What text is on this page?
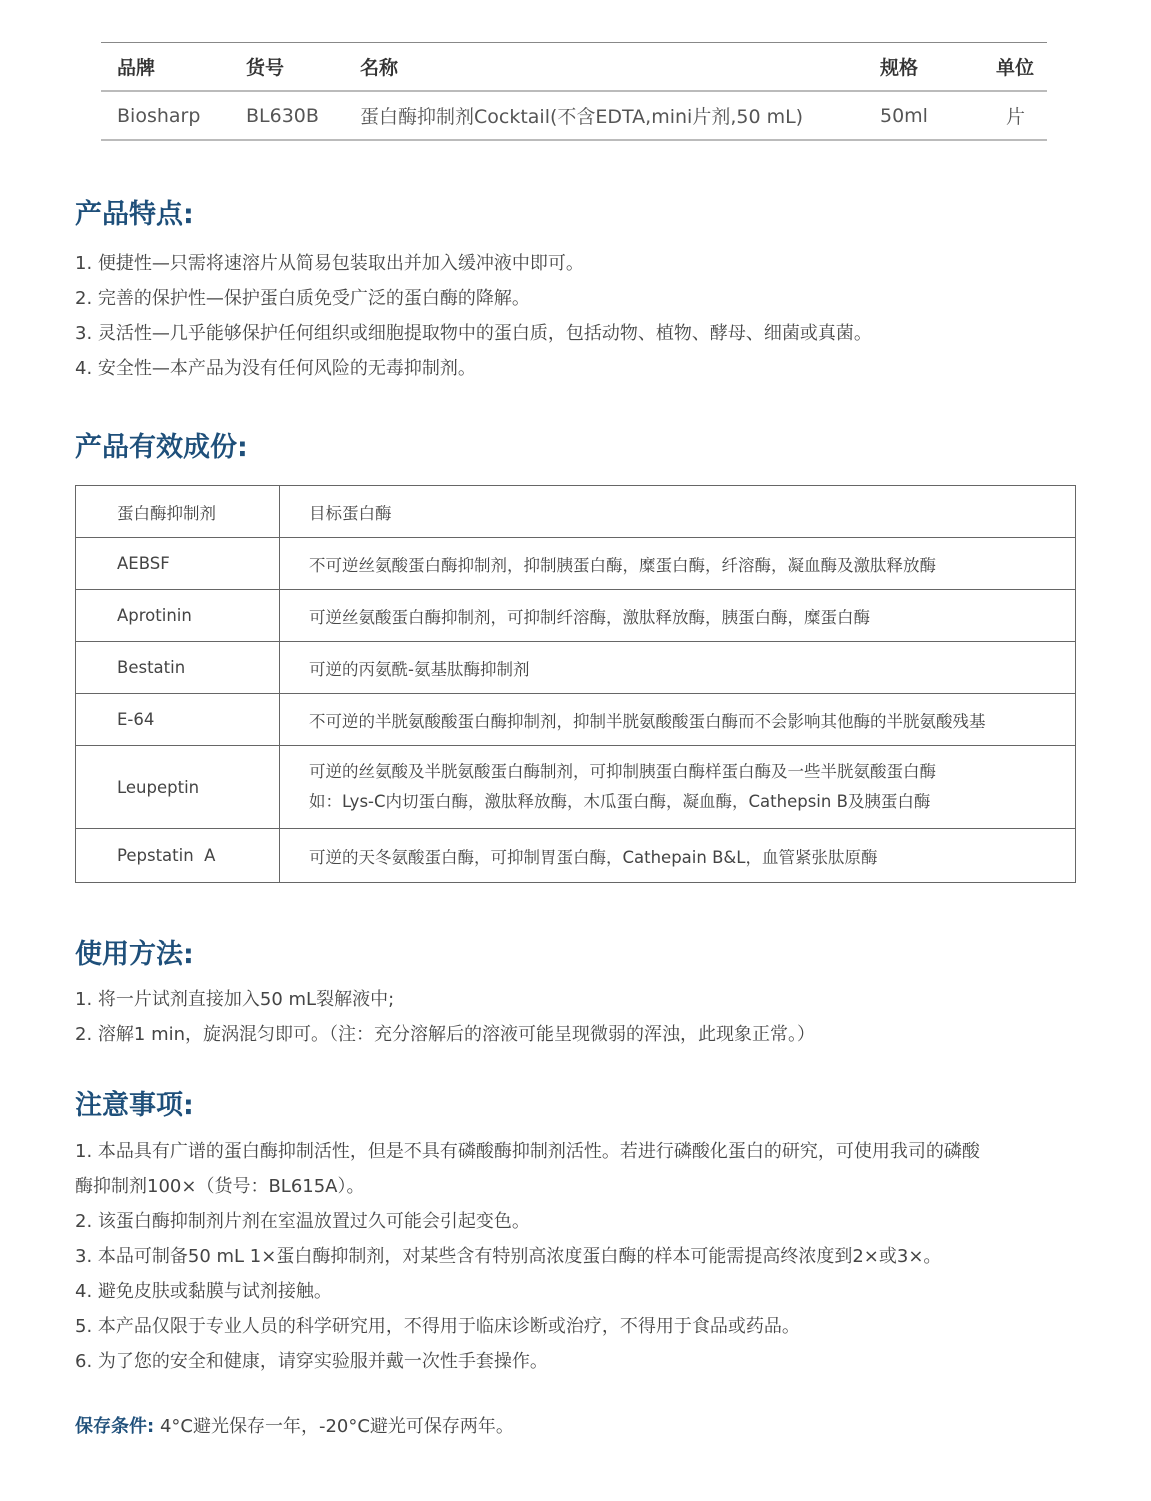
品牌	货号	名称	规格	单位
Biosharp	BL630B	蛋白酶抑制剂Cocktail(不含EDTA,mini片剂,50 mL)	50ml	片
产品特点:
1. 便捷性—只需将速溶片从简易包装取出并加入缓冲液中即可。
2. 完善的保护性—保护蛋白质免受广泛的蛋白酶的降解。
3. 灵活性—几乎能够保护任何组织或细胞提取物中的蛋白质，包括动物、植物、酵母、细菌或真菌。
4. 安全性—本产品为没有任何风险的无毒抑制剂。
产品有效成份:
蛋白酶抑制剂	目标蛋白酶
AEBSF	不可逆丝氨酸蛋白酶抑制剂，抑制胰蛋白酶，糜蛋白酶，纤溶酶，凝血酶及激肽释放酶
Aprotinin	可逆丝氨酸蛋白酶抑制剂，可抑制纤溶酶，激肽释放酶，胰蛋白酶，糜蛋白酶
Bestatin	可逆的丙氨酰-氨基肽酶抑制剂
E-64	不可逆的半胱氨酸酸蛋白酶抑制剂，抑制半胱氨酸酸蛋白酶而不会影响其他酶的半胱氨酸残基
Leupeptin	可逆的丝氨酸及半胱氨酸蛋白酶制剂，可抑制胰蛋白酶样蛋白酶及一些半胱氨酸蛋白酶
如：Lys-C内切蛋白酶，激肽释放酶，木瓜蛋白酶，凝血酶，Cathepsin B及胰蛋白酶

Pepstatin  A	可逆的天冬氨酸蛋白酶，可抑制胃蛋白酶，Cathepain B&L，血管紧张肽原酶
使用方法:
1. 将一片试剂直接加入50 mL裂解液中;
2. 溶解1 min，旋涡混匀即可。（注：充分溶解后的溶液可能呈现微弱的浑浊，此现象正常。）
注意事项:
1. 本品具有广谱的蛋白酶抑制活性，但是不具有磷酸酶抑制剂活性。若进行磷酸化蛋白的研究，可使用我司的磷酸
酶抑制剂100×（货号：BL615A）。
2. 该蛋白酶抑制剂片剂在室温放置过久可能会引起变色。
3. 本品可制备50 mL 1×蛋白酶抑制剂，对某些含有特别高浓度蛋白酶的样本可能需提高终浓度到2×或3×。
4. 避免皮肤或黏膜与试剂接触。
5. 本产品仅限于专业人员的科学研究用，不得用于临床诊断或治疗，不得用于食品或药品。
6. 为了您的安全和健康，请穿实验服并戴一次性手套操作。
保存条件: 4°C避光保存一年，-20°C避光可保存两年。
